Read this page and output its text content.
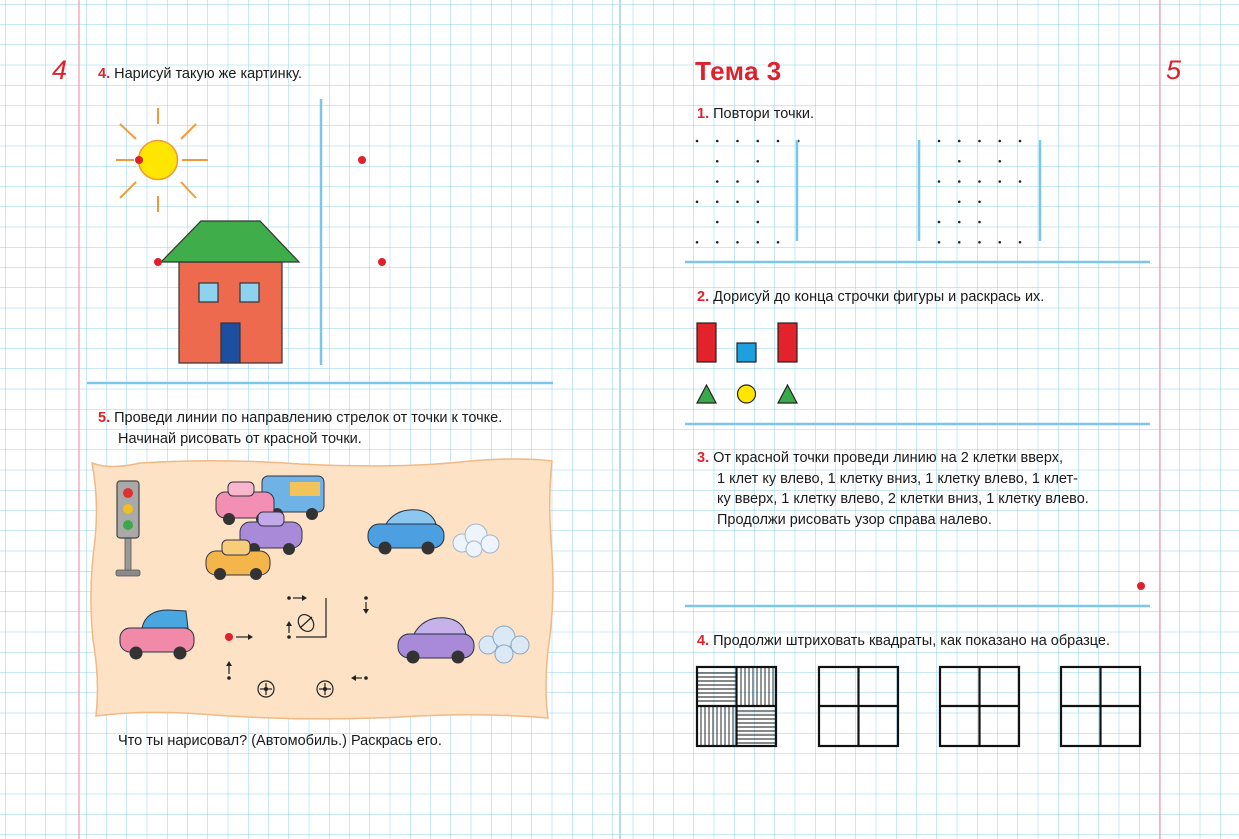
4	5
4. Нарисуй такую же картинку.
5. Проведи линии по направлению стрелок от точки к точке.
Начинай рисовать от красной точки.
Что ты нарисовал? (Автомобиль.) Раскрась его.
Тема 3
1. Повтори точки.
2. Дорисуй до конца строчки фигуры и раскрась их.
3. От красной точки проведи линию на 2 клетки вверх,
1 клет ку влево, 1 клетку вниз, 1 клетку влево, 1 клет-
ку вверх, 1 клетку влево, 2 клетки вниз, 1 клетку влево.
Продолжи рисовать узор справа налево.
4. Продолжи штриховать квадраты, как показано на образце.
